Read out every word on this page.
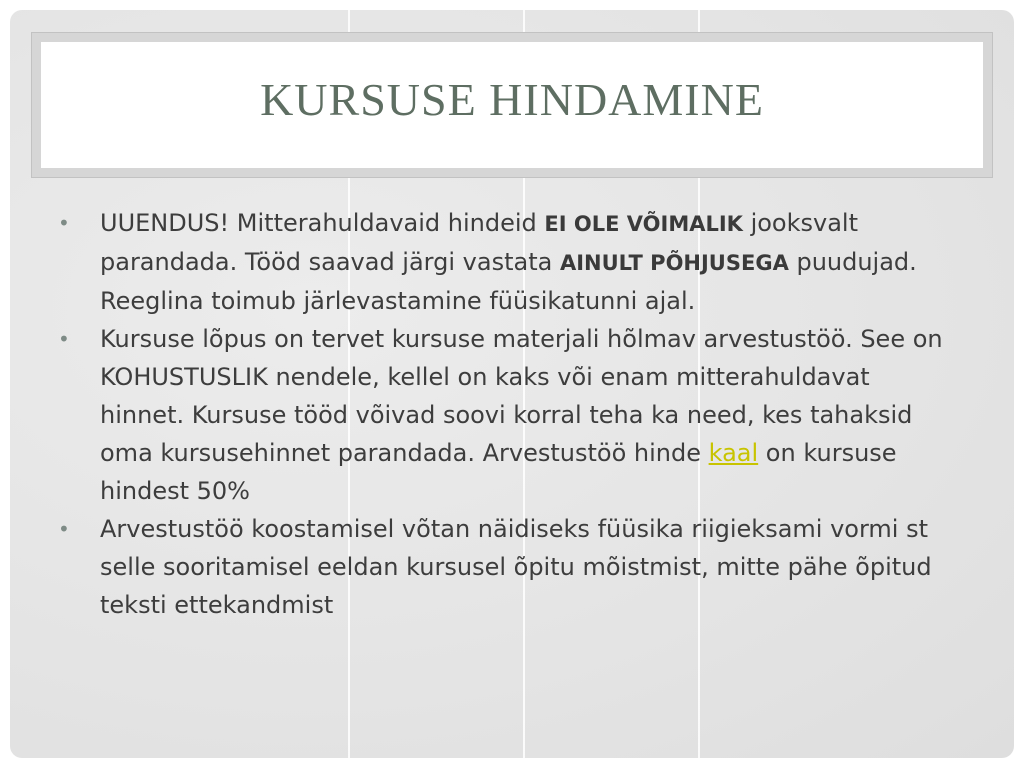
KURSUSE HINDAMINE
• UUENDUS! Mitterahuldavaid hindeid EI OLE VÕIMALIK jooksvalt parandada. Tööd saavad järgi vastata AINULT PÕHJUSEGA puudujad. Reeglina toimub järlevastamine füüsikatunni ajal.
• Kursuse lõpus on tervet kursuse materjali hõlmav arvestustöö. See on KOHUSTUSLIK nendele, kellel on kaks või enam mitterahuldavat hinnet. Kursuse tööd võivad soovi korral teha ka need, kes tahaksid oma kursusehinnet parandada. Arvestustöö hinde kaal on kursuse hindest 50%
• Arvestustöö koostamisel võtan näidiseks füüsika riigieksami vormi st selle sooritamisel eeldan kursusel õpitu mõistmist, mitte pähe õpitud teksti ettekandmist
